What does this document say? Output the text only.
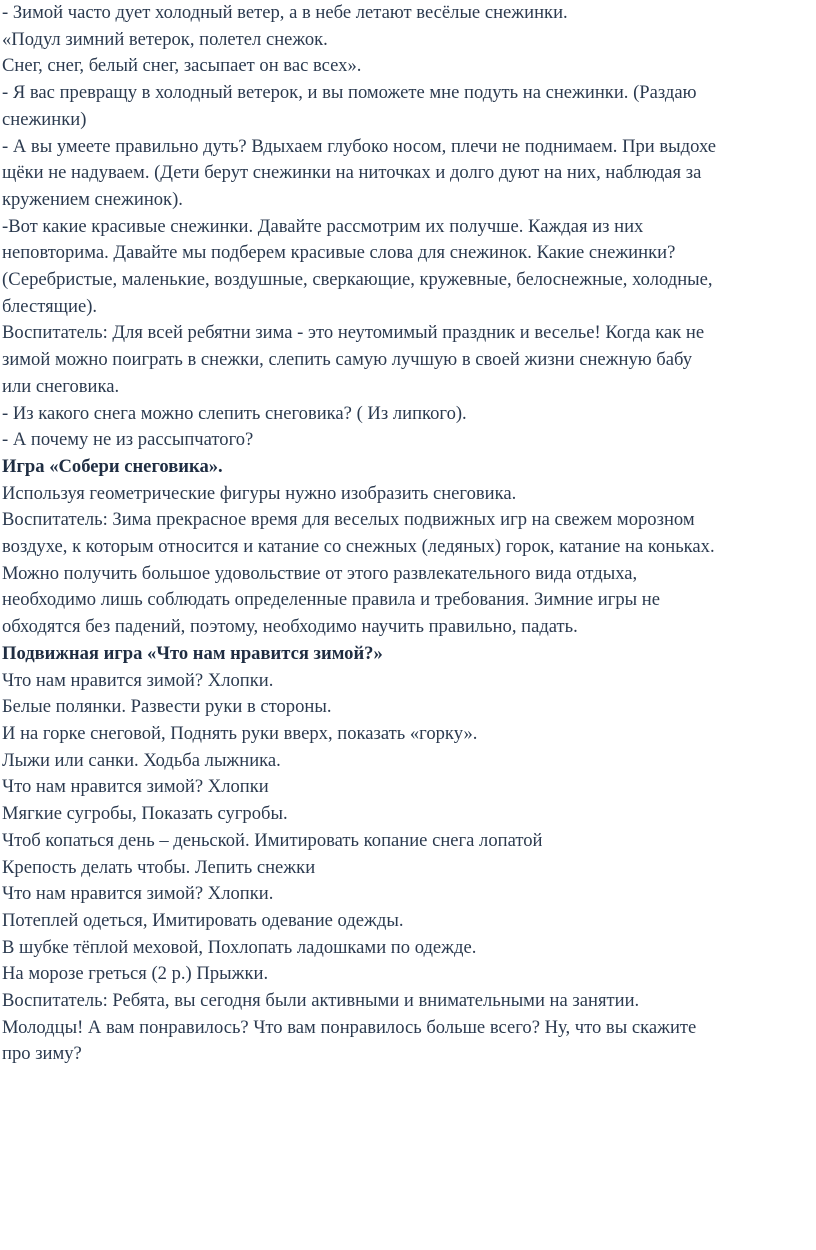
- Зимой часто дует холодный ветер, а в небе летают весёлые снежинки.

«Подул зимний ветерок, полетел снежок.

Снег, снег, белый снег, засыпает он вас всех».

- Я вас превращу в холодный ветерок, и вы поможете мне подуть на снежинки. (Раздаю
снежинки)

- А вы умеете правильно дуть? Вдыхаем глубоко носом, плечи не поднимаем. При выдохе
щёки не надуваем. (Дети берут снежинки на ниточках и долго дуют на них, наблюдая за
кружением снежинок).

-Вот какие красивые снежинки. Давайте рассмотрим их получше. Каждая из них
неповторима. Давайте мы подберем красивые слова для снежинок. Какие снежинки?
(Серебристые, маленькие, воздушные, сверкающие, кружевные, белоснежные, холодные,
блестящие).

Воспитатель: Для всей ребятни зима - это неутомимый праздник и веселье! Когда как не
зимой можно поиграть в снежки, слепить самую лучшую в своей жизни снежную бабу
или снеговика.

- Из какого снега можно слепить снеговика? ( Из липкого).

- А почему не из рассыпчатого?

Игра «Собери снеговика».

Используя геометрические фигуры нужно изобразить снеговика.

Воспитатель: Зима прекрасное время для веселых подвижных игр на свежем морозном
воздухе, к которым относится и катание со снежных (ледяных) горок, катание на коньках.
Можно получить большое удовольствие от этого развлекательного вида отдыха,
необходимо лишь соблюдать определенные правила и требования. Зимние игры не
обходятся без падений, поэтому, необходимо научить правильно, падать.

Подвижная игра «Что нам нравится зимой?»

Что нам нравится зимой? Хлопки.

Белые полянки. Развести руки в стороны.

И на горке снеговой, Поднять руки вверх, показать «горку».

Лыжи или санки. Ходьба лыжника.

Что нам нравится зимой? Хлопки

Мягкие сугробы, Показать сугробы.

Чтоб копаться день – деньской. Имитировать копание снега лопатой

Крепость делать чтобы. Лепить снежки

Что нам нравится зимой? Хлопки.

Потеплей одеться, Имитировать одевание одежды.

В шубке тёплой меховой, Похлопать ладошками по одежде.

На морозе греться (2 р.) Прыжки.

Воспитатель: Ребята, вы сегодня были активными и внимательными на занятии.
Молодцы! А вам понравилось? Что вам понравилось больше всего? Ну, что вы скажите
про зиму?
